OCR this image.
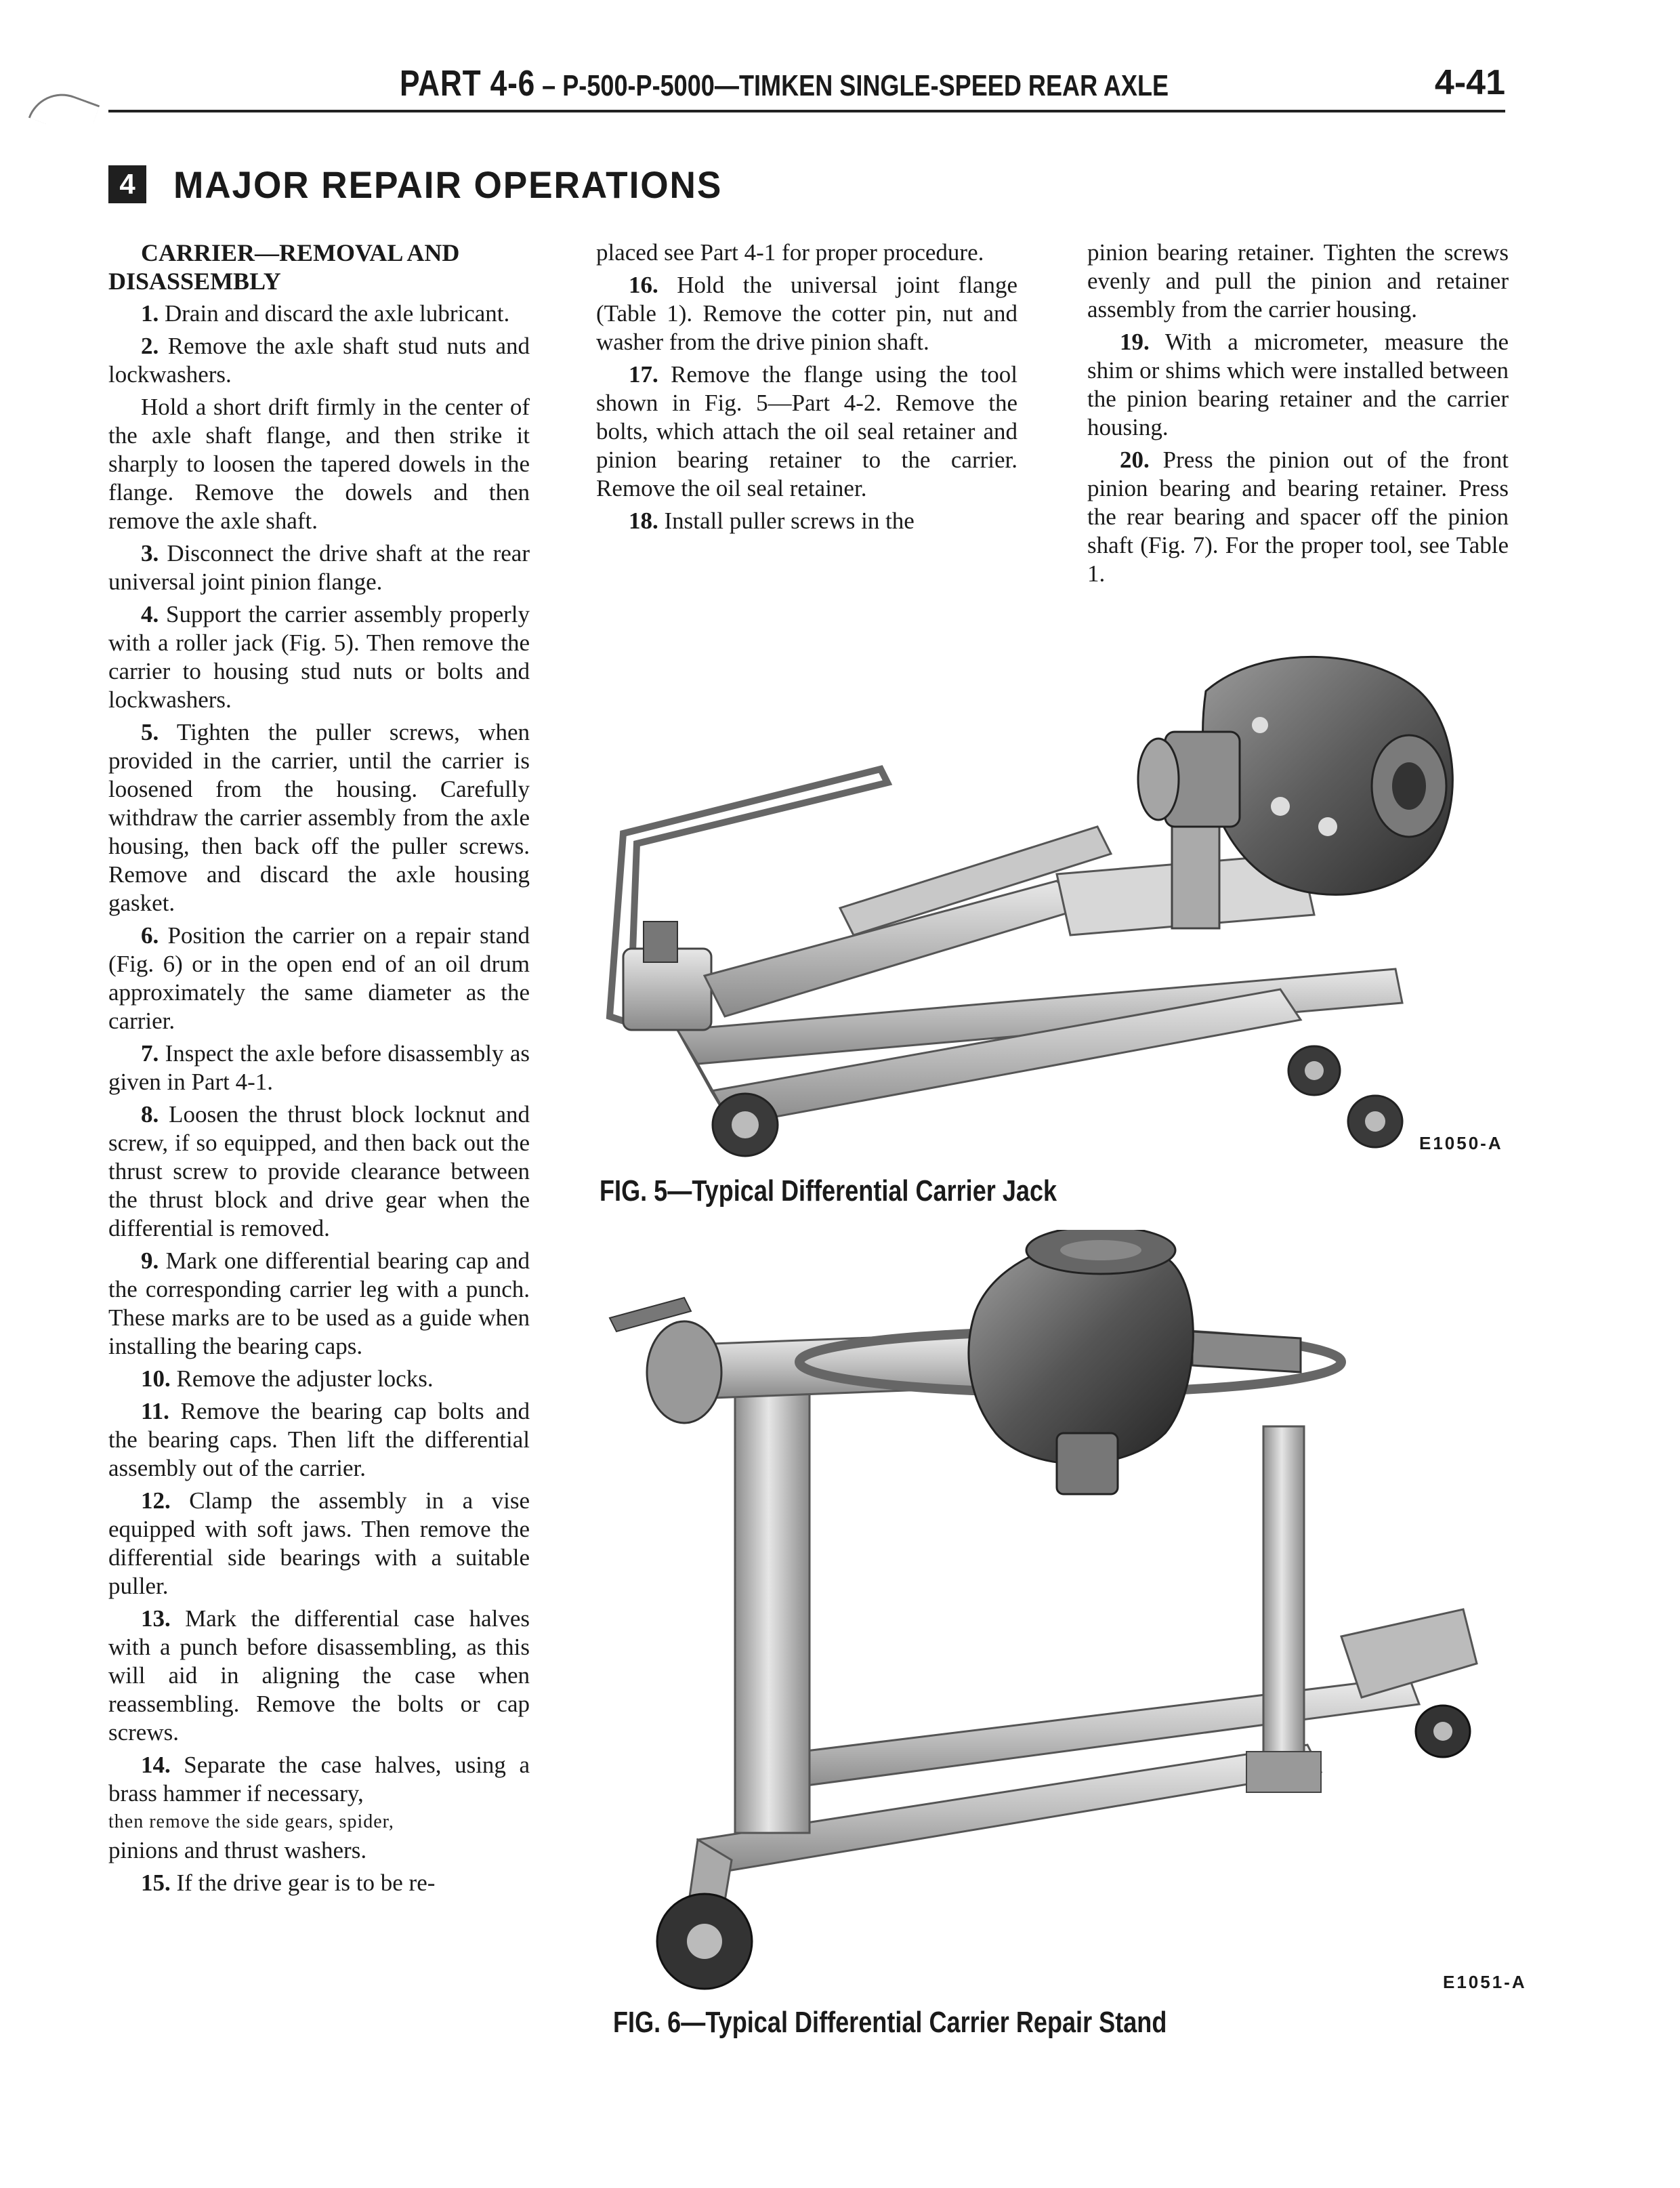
PART 4-6 – P-500-P-5000—TIMKEN SINGLE-SPEED REAR AXLE	4-41
4 MAJOR REPAIR OPERATIONS

CARRIER—REMOVAL AND DISASSEMBLY

1. Drain and discard the axle lubricant.

2. Remove the axle shaft stud nuts and lockwashers.

Hold a short drift firmly in the center of the axle shaft flange, and then strike it sharply to loosen the tapered dowels in the flange. Remove the dowels and then remove the axle shaft.

3. Disconnect the drive shaft at the rear universal joint pinion flange.

4. Support the carrier assembly properly with a roller jack (Fig. 5). Then remove the carrier to housing stud nuts or bolts and lockwashers.

5. Tighten the puller screws, when provided in the carrier, until the carrier is loosened from the housing. Carefully withdraw the carrier assembly from the axle housing, then back off the puller screws. Remove and discard the axle housing gasket.

6. Position the carrier on a repair stand (Fig. 6) or in the open end of an oil drum approximately the same diameter as the carrier.

7. Inspect the axle before disassembly as given in Part 4-1.

8. Loosen the thrust block locknut and screw, if so equipped, and then back out the thrust screw to provide clearance between the thrust block and drive gear when the differential is removed.

9. Mark one differential bearing cap and the corresponding carrier leg with a punch. These marks are to be used as a guide when installing the bearing caps.

10. Remove the adjuster locks.

11. Remove the bearing cap bolts and the bearing caps. Then lift the differential assembly out of the carrier.

12. Clamp the assembly in a vise equipped with soft jaws. Then remove the differential side bearings with a suitable puller.

13. Mark the differential case halves with a punch before disassembling, as this will aid in aligning the case when reassembling. Remove the bolts or cap screws.

14. Separate the case halves, using a brass hammer if necessary,

then remove the side gears, spider,

pinions and thrust washers.

15. If the drive gear is to be re-

placed see Part 4-1 for proper procedure.

16. Hold the universal joint flange (Table 1). Remove the cotter pin, nut and washer from the drive pinion shaft.

17. Remove the flange using the tool shown in Fig. 5—Part 4-2. Remove the bolts, which attach the oil seal retainer and pinion bearing retainer to the carrier. Remove the oil seal retainer.

18. Install puller screws in the

pinion bearing retainer. Tighten the screws evenly and pull the pinion and retainer assembly from the carrier housing.

19. With a micrometer, measure the shim or shims which were installed between the pinion bearing retainer and the carrier housing.

20. Press the pinion out of the front pinion bearing and bearing retainer. Press the rear bearing and spacer off the pinion shaft (Fig. 7). For the proper tool, see Table 1.

E1050-A
FIG. 5—Typical Differential Carrier Jack
E1051-A
FIG. 6—Typical Differential Carrier Repair Stand
